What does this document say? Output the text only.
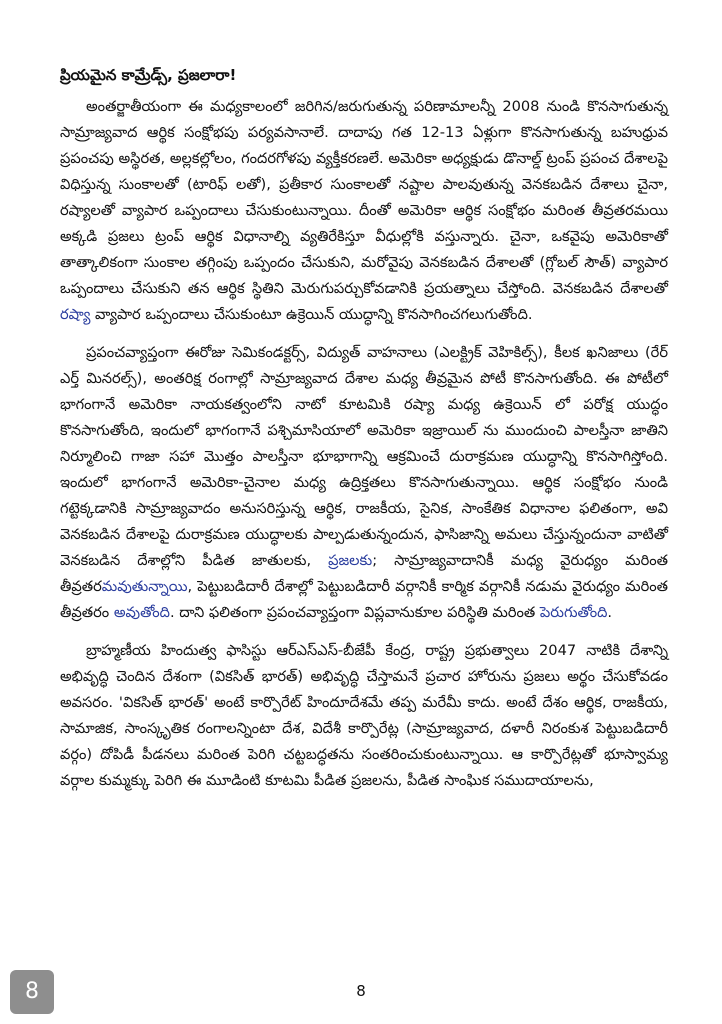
ప్రియమైన కామ్రేడ్స్, ప్రజలారా!

అంతర్జాతీయంగా ఈ మధ్యకాలంలో జరిగిన/జరుగుతున్న పరిణామాలన్నీ 2008 నుండి కొనసాగుతున్న సామ్రాజ్యవాద ఆర్థిక సంక్షోభపు పర్యవసానాలే. దాదాపు గత 12-13 ఏళ్లుగా కొనసాగుతున్న బహుధ్రువ ప్రపంచపు అస్థిరత, అల్లకల్లోలం, గందరగోళపు వ్యక్తీకరణలే. అమెరికా అధ్యక్షుడు డొనాల్డ్ ట్రంప్ ప్రపంచ దేశాలపై విధిస్తున్న సుంకాలతో (టారిఫ్ లతో), ప్రతీకార సుంకాలతో నష్టాల పాలవుతున్న వెనకబడిన దేశాలు చైనా, రష్యాలతో వ్యాపార ఒప్పందాలు చేసుకుంటున్నాయి. దీంతో అమెరికా ఆర్థిక సంక్షోభం మరింత తీవ్రతరమయి అక్కడి ప్రజలు ట్రంప్ ఆర్థిక విధానాల్ని వ్యతిరేకిస్తూ వీధుల్లోకి వస్తున్నారు. చైనా, ఒకవైపు అమెరికాతో తాత్కాలికంగా సుంకాల తగ్గింపు ఒప్పందం చేసుకుని, మరోవైపు వెనకబడిన దేశాలతో (గ్లోబల్ సౌత్) వ్యాపార ఒప్పందాలు చేసుకుని తన ఆర్థిక స్థితిని మెరుగుపర్చుకోవడానికి ప్రయత్నాలు చేస్తోంది. వెనకబడిన దేశాలతో రష్యా వ్యాపార ఒప్పందాలు చేసుకుంటూ ఉక్రెయిన్ యుద్ధాన్ని కొనసాగించగలుగుతోంది.

ప్రపంచవ్యాప్తంగా ఈరోజు సెమికండక్టర్స్, విద్యుత్ వాహనాలు (ఎలక్ట్రిక్ వెహికిల్స్), కీలక ఖనిజాలు (రేర్ ఎర్త్ మినరల్స్), అంతరిక్ష రంగాల్లో సామ్రాజ్యవాద దేశాల మధ్య తీవ్రమైన పోటీ కొనసాగుతోంది. ఈ పోటీలో భాగంగానే అమెరికా నాయకత్వంలోని నాటో కూటమికి రష్యా మధ్య ఉక్రెయిన్ లో పరోక్ష యుద్ధం కొనసాగుతోంది, ఇందులో భాగంగానే పశ్చిమాసియాలో అమెరికా ఇజ్రాయిల్ ను ముందుంచి పాలస్తీనా జాతిని నిర్మూలించి గాజా సహా మొత్తం పాలస్తీనా భూభాగాన్ని ఆక్రమించే దురాక్రమణ యుద్ధాన్ని కొనసాగిస్తోంది. ఇందులో భాగంగానే అమెరికా-చైనాల మధ్య ఉద్రిక్తతలు కొనసాగుతున్నాయి. ఆర్థిక సంక్షోభం నుండి గట్టెక్కడానికి సామ్రాజ్యవాదం అనుసరిస్తున్న ఆర్థిక, రాజకీయ, సైనిక, సాంకేతిక విధానాల ఫలితంగా, అవి వెనకబడిన దేశాలపై దురాక్రమణ యుద్ధాలకు పాల్పడుతున్నందున, ఫాసిజాన్ని అమలు చేస్తున్నందునా వాటితో వెనకబడిన దేశాల్లోని పీడిత జాతులకు, ప్రజలకు; సామ్రాజ్యవాదానికీ మధ్య వైరుధ్యం మరింత తీవ్రతరమవుతున్నాయి, పెట్టుబడిదారీ దేశాల్లో పెట్టుబడిదారీ వర్గానికీ కార్మిక వర్గానికీ నడుమ వైరుధ్యం మరింత తీవ్రతరం అవుతోంది. దాని ఫలితంగా ప్రపంచవ్యాప్తంగా విప్లవానుకూల పరిస్థితి మరింత పెరుగుతోంది.

బ్రాహ్మణీయ హిందుత్వ ఫాసిస్టు ఆర్ఎస్ఎస్-బీజేపీ కేంద్ర, రాష్ట్ర ప్రభుత్వాలు 2047 నాటికి దేశాన్ని అభివృద్ధి చెందిన దేశంగా (వికసిత్ భారత్) అభివృద్ధి చేస్తామనే ప్రచార హోరును ప్రజలు అర్థం చేసుకోవడం అవసరం. 'వికసిత్ భారత్' అంటే కార్పొరేట్ హిందూదేశమే తప్ప మరేమీ కాదు. అంటే దేశం ఆర్థిక, రాజకీయ, సామాజిక, సాంస్కృతిక రంగాలన్నింటా దేశ, విదేశీ కార్పొరేట్ల (సామ్రాజ్యవాద, దళారీ నిరంకుశ పెట్టుబడిదారీ వర్గం) దోపిడీ పీడనలు మరింత పెరిగి చట్టబద్ధతను సంతరించుకుంటున్నాయి. ఆ కార్పొరేట్లతో భూస్వామ్య వర్గాల కుమ్మక్కు పెరిగి ఈ మూడింటి కూటమి పీడిత ప్రజలను, పీడిత సాంఘిక సముదాయాలను,

8
8
